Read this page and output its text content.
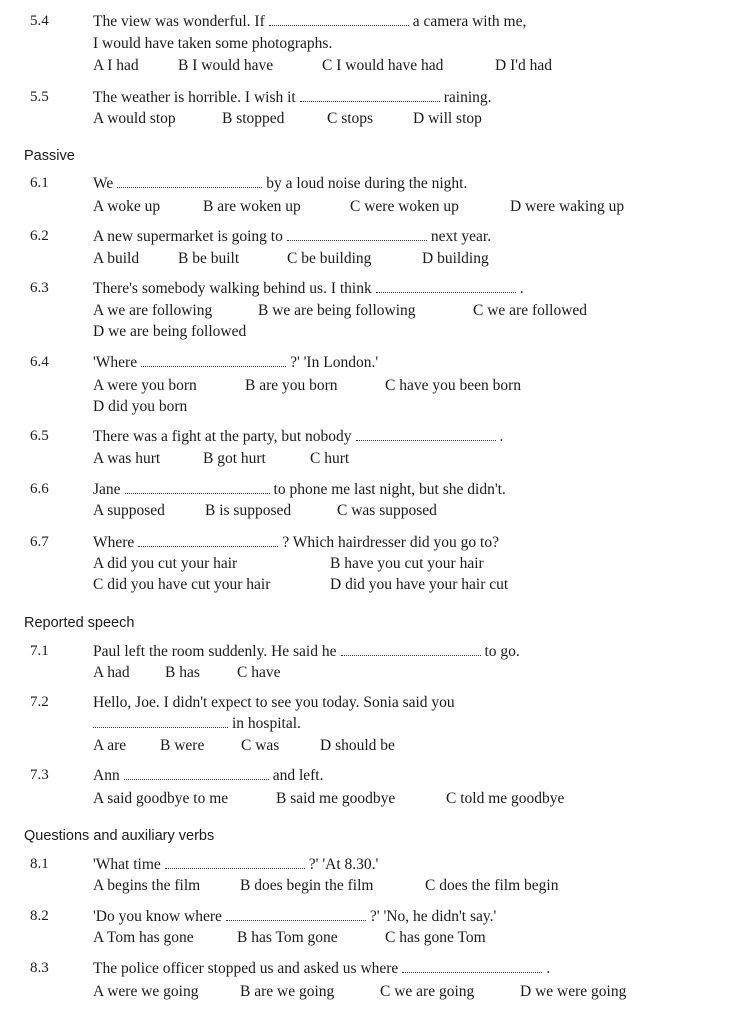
5.4	The view was wonderful. If	a camera with me,
I would have taken some photographs.
A I had	B I would have	C I would have had	D I'd had
5.5	The weather is horrible. I wish it	raining.
A would stop	B stopped	C stops	D will stop
Passive
6.1	We	by a loud noise during the night.
A woke up	B are woken up	C were woken up	D were waking up
6.2	A new supermarket is going to	next year.
A build	B be built	C be building	D building
6.3	There's somebody walking behind us. I think	.
A we are following	B we are being following	C we are followed
D we are being followed
6.4	'Where	?' 'In London.'
A were you born	B are you born	C have you been born
D did you born
6.5	There was a fight at the party, but nobody	.
A was hurt	B got hurt	C hurt
6.6	Jane	to phone me last night, but she didn't.
A supposed	B is supposed	C was supposed
6.7	Where	? Which hairdresser did you go to?
A did you cut your hair	B have you cut your hair
C did you have cut your hair	D did you have your hair cut
Reported speech
7.1	Paul left the room suddenly. He said he	to go.
A had B has C have
7.2	Hello, Joe. I didn't expect to see you today. Sonia said you
in hospital.
A are B were C was	D should be
7.3	Ann	and left.
A said goodbye to me	B said me goodbye	C told me goodbye
Questions and auxiliary verbs
8.1	'What time	?' 'At 8.30.'
A begins the film	B does begin the film	C does the film begin
8.2	'Do you know where	?' 'No, he didn't say.'
A Tom has gone	B has Tom gone	C has gone Tom
8.3	The police officer stopped us and asked us where	.
A were we going	B are we going	C we are going	D we were going
